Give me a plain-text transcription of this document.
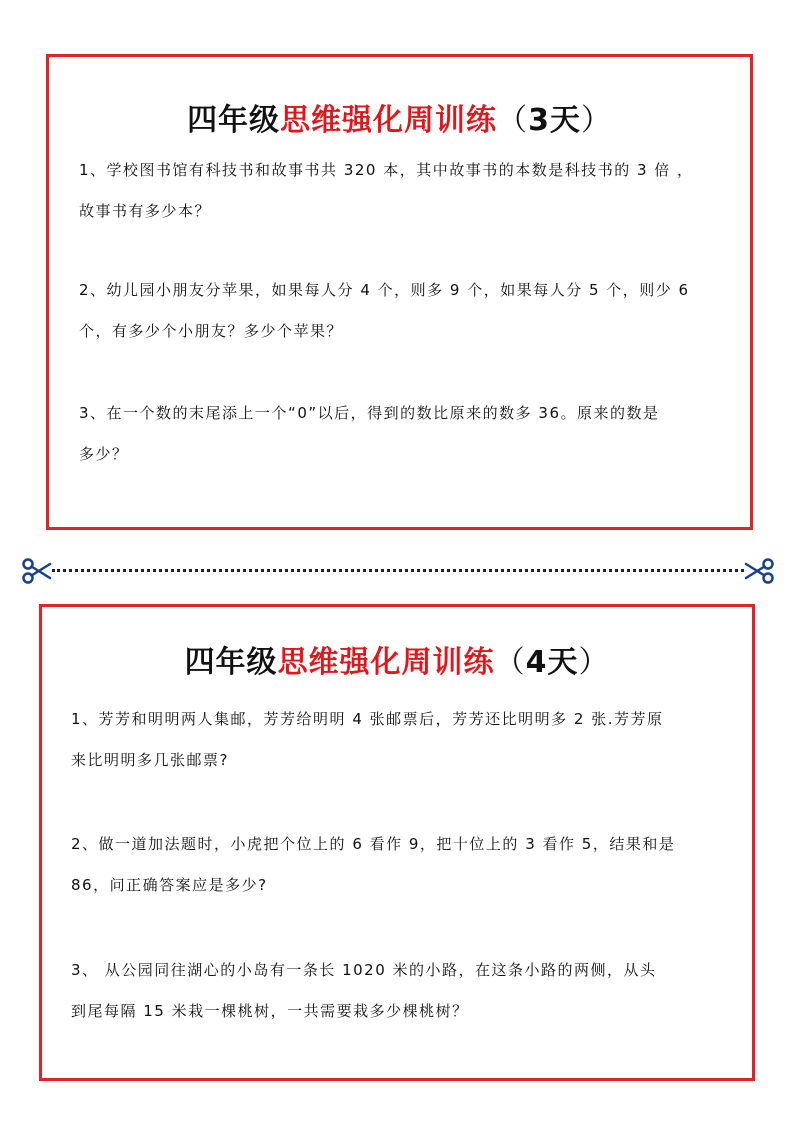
四年级思维强化周训练（3天）
1、学校图书馆有科技书和故事书共 320 本，其中故事书的本数是科技书的 3 倍 ，
故事书有多少本？
2、幼儿园小朋友分苹果，如果每人分 4 个，则多 9 个，如果每人分 5 个，则少 6
个，有多少个小朋友？多少个苹果？
3、在一个数的末尾添上一个“0”以后，得到的数比原来的数多 36。原来的数是
多少？
四年级思维强化周训练（4天）
1、芳芳和明明两人集邮，芳芳给明明 4 张邮票后，芳芳还比明明多 2 张.芳芳原
来比明明多几张邮票?
2、做一道加法题时，小虎把个位上的 6 看作 9，把十位上的 3 看作 5，结果和是
86，问正确答案应是多少?
3、 从公园同往湖心的小岛有一条长 1020 米的小路，在这条小路的两侧，从头
到尾每隔 15 米栽一棵桃树，一共需要栽多少棵桃树？
